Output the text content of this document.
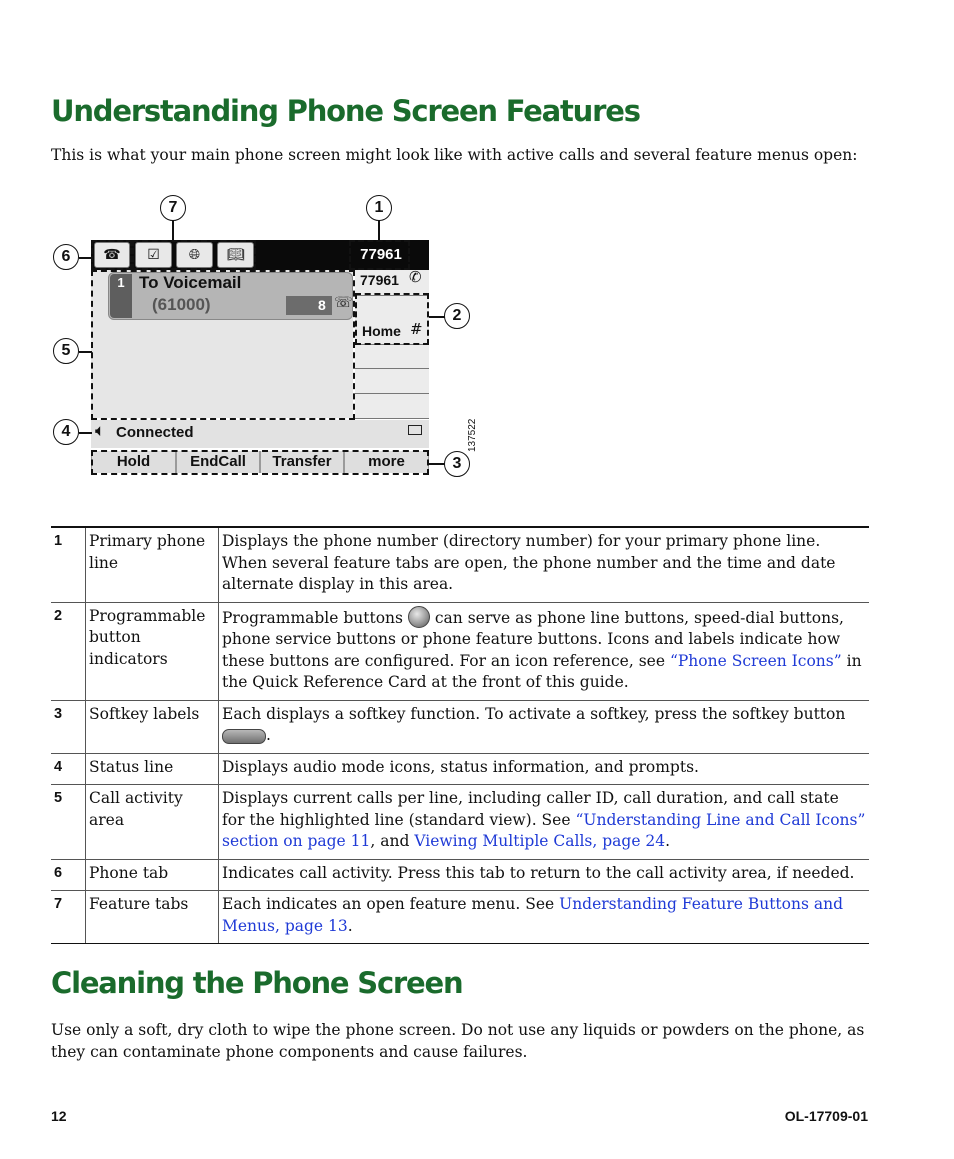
Understanding Phone Screen Features

This is what your main phone screen might look like with active calls and several feature menus open:

☎	☑	🌐︎	📖︎	77961
1 To Voicemail
(61000)	8 ☏
77961 ✆
Home #
🔈︎ Connected
Hold	EndCall	Transfer	more
7	1
6
2
5
4
3
137522
1	Primary phone line	Displays the phone number (directory number) for your primary phone line. When several feature tabs are open, the phone number and the time and date alternate display in this area.
2	Programmable button indicators	Programmable buttons can serve as phone line buttons, speed-dial buttons, phone service buttons or phone feature buttons. Icons and labels indicate how these buttons are configured. For an icon reference, see “Phone Screen Icons” in the Quick Reference Card at the front of this guide.
3	Softkey labels	Each displays a softkey function. To activate a softkey, press the softkey button .
4	Status line	Displays audio mode icons, status information, and prompts.
5	Call activity area	Displays current calls per line, including caller ID, call duration, and call state for the highlighted line (standard view). See “Understanding Line and Call Icons” section on page 11, and Viewing Multiple Calls, page 24.
6	Phone tab	Indicates call activity. Press this tab to return to the call activity area, if needed.
7	Feature tabs	Each indicates an open feature menu. See Understanding Feature Buttons and Menus, page 13.
Cleaning the Phone Screen

Use only a soft, dry cloth to wipe the phone screen. Do not use any liquids or powders on the phone, as they can contaminate phone components and cause failures.

12	OL-17709-01
